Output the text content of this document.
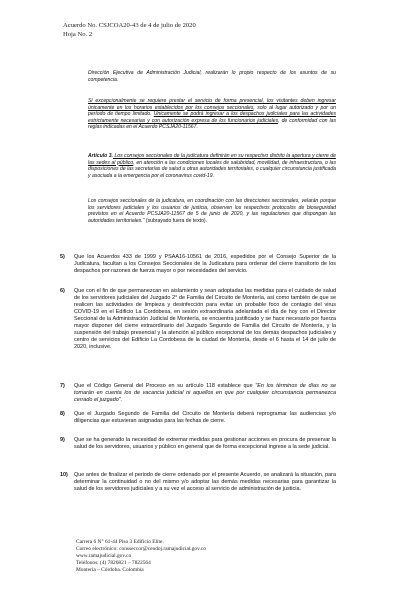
Acuerdo No. CSJCOA20-43 de 4 de julio de 2020
Hoja No. 2

Dirección Ejecutiva de Administración Judicial, realizarán lo propio respecto de los asuntos de su competencia.

Si excepcionalmente se requiere prestar el servicio de forma presencial, los visitantes deben ingresar únicamente en los horarios establecidos por los consejos seccionales, solo al lugar autorizado y por un período de tiempo limitado. Únicamente se podrá ingresar a los despachos judiciales para las actividades estrictamente necesarias y con autorización expresa de los funcionarios judiciales, de conformidad con las reglas indicadas en el Acuerdo PCSJA20-11567.

Artículo 3. Los consejos seccionales de la judicatura definirán en su respectivo distrito la apertura y cierre de las sedes al público, en atención a las condiciones locales de salubridad, movilidad, de infraestructura, o las disposiciones de las secretarías de salud u otras autoridades territoriales, o cualquier circunstancia justificada y asociada a la emergencia por el coronavirus covid-19.

Los consejos seccionales de la judicatura, en coordinación con las direcciones seccionales, velarán porque los servidores judiciales y los usuarios de justicia, observen los respectivos protocolos de bioseguridad previstos en el Acuerdo PCSJA20-11567 de 5 de junio de 2020, y las regulaciones que dispongan las autoridades territoriales." (subrayado fuera de texto).

5) Que los Acuerdos 433 de 1999 y PSAA16-10561 de 2016, expedidos por el Consejo Superior de la Judicatura, facultan a los Consejos Seccionales de la Judicatura para ordenar del cierre transitorio de los despachos por razones de fuerza mayor o por necesidades del servicio.
6) Que con el fin de que permanezcan en aislamiento y sean adoptadas las medidas para el cuidado de salud de los servidores judiciales del Juzgado 2° de Familia del Circuito de Montería, así como también de que se realicen las actividades de limpieza y desinfección para evitar un probable foco de contagio del virus COVID-19 en el Edificio La Cordobesa, en sesión extraordinaria adelantada el día de hoy con el Director Seccional de la Administración Judicial de Montería, se encuentra justificado y se hace necesario por fuerza mayor disponer del cierre extraordinario del Juzgado Segundo de Familia del Circuito de Montería, y la suspensión del trabajo presencial y la atención al público excepcional de los demás despachos judiciales y centro de servicios del Edificio La Cordobesa de la ciudad de Montería, desde el 6 hasta el 14 de julio de 2020, inclusive.
7) Que el Código General del Proceso en su artículo 118 establece que "En los términos de días no se tomarán en cuenta los de vacancia judicial ni aquellos en que por cualquier circunstancia permanezca cerrado el juzgado".
8) Que el Juzgado Segundo de Familia del Circuito de Montería deberá reprogramar las audiencias y/o diligencias que estuvieran asignadas para las fechas de cierre.
9) Que se ha generado la necesidad de extremar medidas para gestionar acciones en procura de preservar la salud de los servidores, usuarios y público en general que de forma excepcional ingrese a la sede judicial.
10) Que antes de finalizar el periodo de cierre ordenado por el presente Acuerdo, se analizará la situación, para determinar la continuidad o no del mismo y/o adoptar las demás medidas necesarias para garantizar la salud de los servidores judiciales y a su vez el acceso al servicio de administración de justicia.
Carrera 6 N° 61-44 Piso 3 Edificio Elite.
Correo electrónico: consseccor@cendoj.ramajudicial.gov.co
www.ramajudicial.gov.co
Teléfonos: (4) 7826821 – 7822564
Montería – Córdoba. Colombia
